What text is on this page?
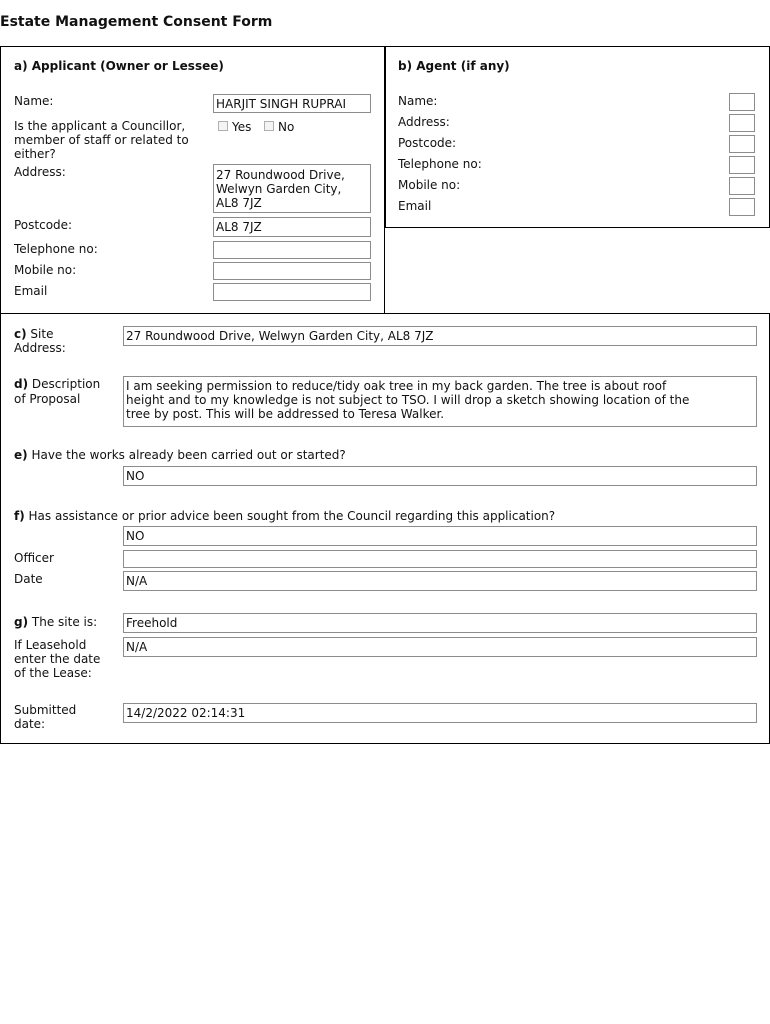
Estate Management Consent Form
a) Applicant (Owner or Lessee)
Name:	HARJIT SINGH RUPRAI
Is the applicant a Councillor,
member of staff or related to
either?
Yes No
Address:	27 Roundwood Drive,
Welwyn Garden City,
AL8 7JZ
Postcode:	AL8 7JZ
Telephone no:
Mobile no:
Email
b) Agent (if any)
Name:
Address:
Postcode:
Telephone no:
Mobile no:
Email
c) Site
Address:
27 Roundwood Drive, Welwyn Garden City, AL8 7JZ
d) Description
of Proposal
I am seeking permission to reduce/tidy oak tree in my back garden. The tree is about roof
height and to my knowledge is not subject to TSO. I will drop a sketch showing location of the
tree by post. This will be addressed to Teresa Walker.
e) Have the works already been carried out or started?
NO
f) Has assistance or prior advice been sought from the Council regarding this application?
NO
Officer
Date	N/A
g) The site is: Freehold
If Leasehold
enter the date
of the Lease:
N/A
Submitted
date:
14/2/2022 02:14:31
